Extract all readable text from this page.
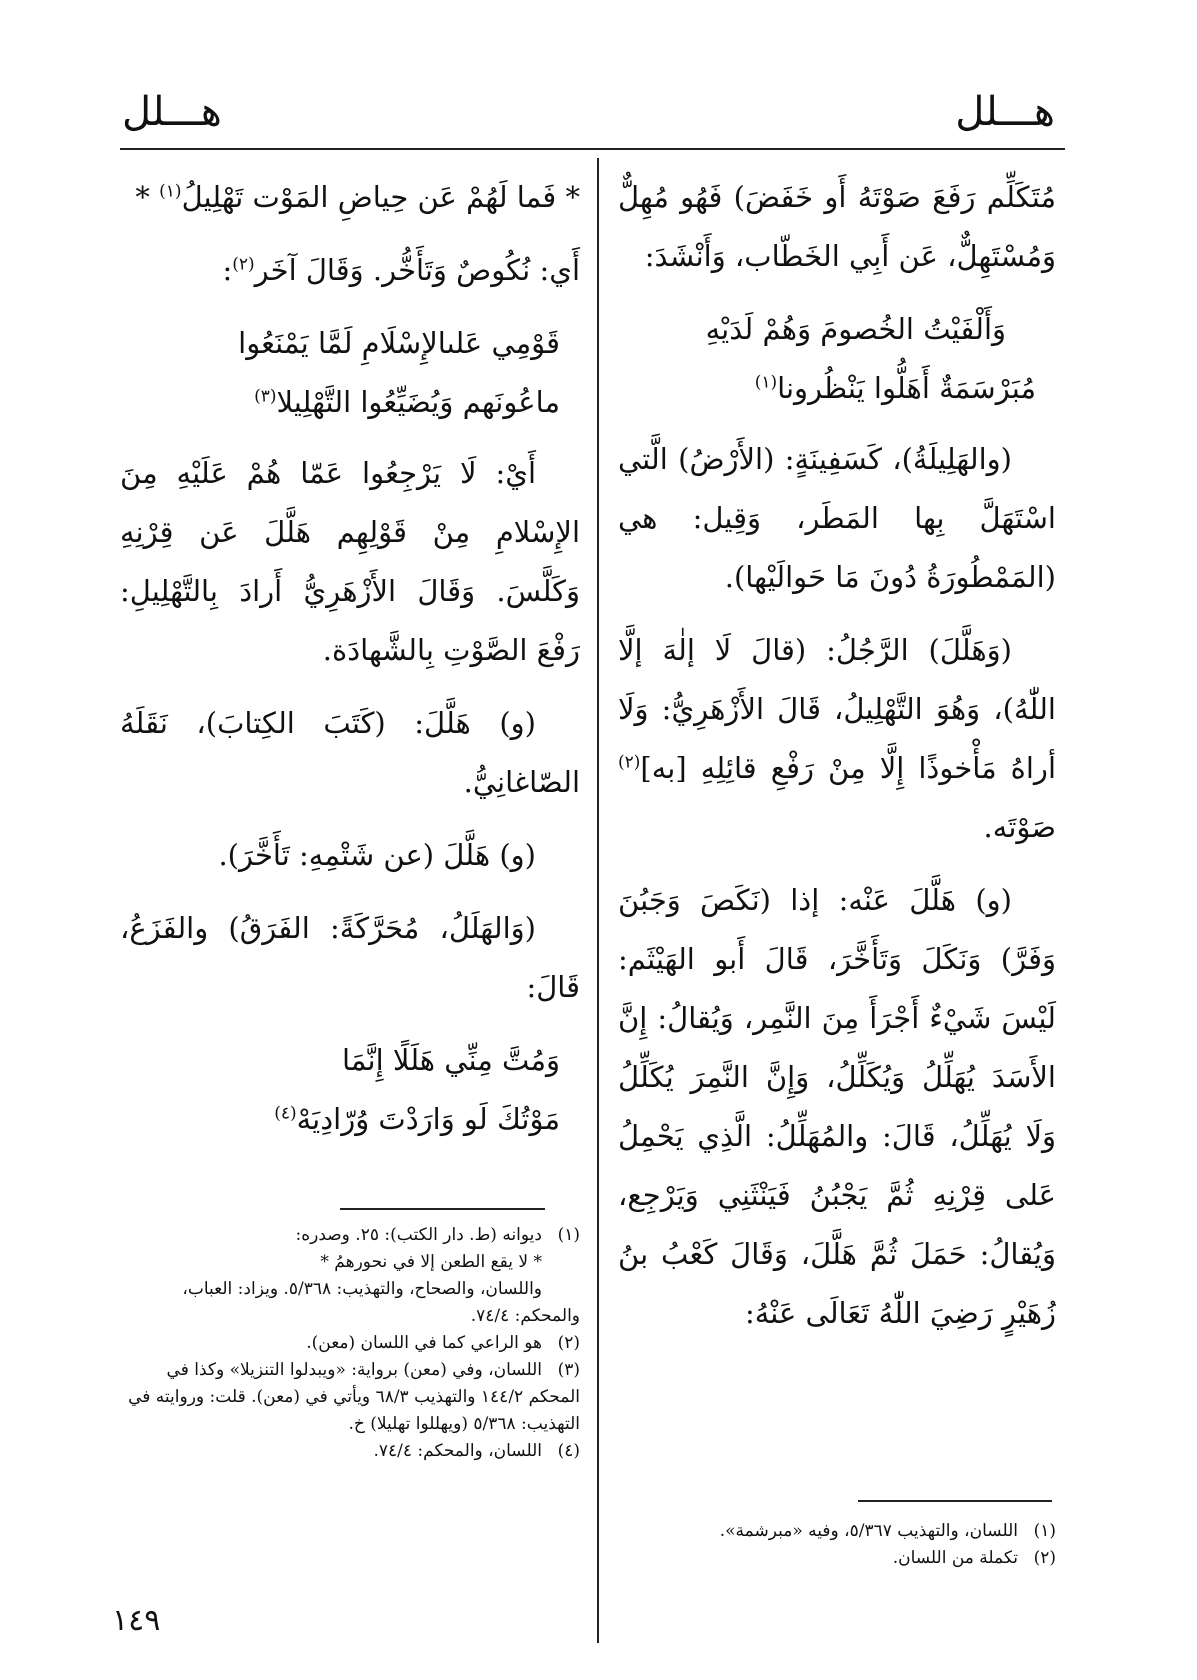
هـــلل
هـــلل

مُتَكَلِّم رَفَعَ صَوْتَهُ أَو خَفَضَ) فَهُو مُهِلٌّ وَمُسْتَهِلٌّ، عَن أَبِي الخَطّاب، وَأَنْشَدَ:

وَأَلْفَيْتُ الخُصومَ وَهُمْ لَدَيْهِ
مُبَرْسَمَةٌ أَهَلُّوا يَنْظُرونا$^{(١)}$

(والهَلِيلَةُ)، كَسَفِينَةٍ: (الأَرْضُ) الَّتي اسْتَهَلَّ بِها المَطَر، وَقِيل: هي (المَمْطُورَةُ دُونَ مَا حَوالَيْها).

(وَهَلَّلَ) الرَّجُلُ: (قالَ لَا إلٰهَ إلَّا اللّٰهُ)، وَهُوَ التَّهْلِيلُ، قَالَ الأَزْهَرِيُّ: وَلَا أراهُ مَأْخوذًا إِلَّا مِنْ رَفْعِ قائِلِهِ [به]$^{(٢)}$ صَوْتَه.

(و) هَلَّلَ عَنْه: إذا (نَكَصَ وَجَبُنَ وَفَرَّ) وَنَكَلَ وَتَأَخَّرَ، قَالَ أَبو الهَيْثَم: لَيْسَ شَيْءٌ أَجْرَأَ مِنَ النَّمِر، وَيُقالُ: إِنَّ الأَسَدَ يُهَلِّلُ وَيُكَلِّلُ، وَإِنَّ النَّمِرَ يُكَلِّلُ وَلَا يُهَلِّلُ، قَالَ: والمُهَلِّلُ: الَّذِي يَحْمِلُ عَلى قِرْنِهِ ثُمَّ يَجْبُنُ فَيَنْثَنِي وَيَرْجِع، وَيُقالُ: حَمَلَ ثُمَّ هَلَّلَ، وَقَالَ كَعْبُ بنُ زُهَيْرٍ رَضِيَ اللّٰهُ تَعَالَى عَنْهُ:

* فَما لَهُمْ عَن حِياضِ المَوْت تَهْلِيلُ$^{(١)}$ *

أَي: نُكُوصٌ وَتَأَخُّر. وَقَالَ آخَر$^{(٢)}$:

قَوْمِي عَلىالإِسْلَامِ لَمَّا يَمْنَعُوا
ماعُونَهم وَيُضَيِّعُوا التَّهْلِيلا$^{(٣)}$

أَيْ: لَا يَرْجِعُوا عَمّا هُمْ عَلَيْهِ مِنَ الإِسْلامِ مِنْ قَوْلِهِم هَلَّلَ عَن قِرْنِهِ وَكَلَّسَ. وَقَالَ الأَزْهَرِيُّ أَرادَ بِالتَّهْلِيلِ: رَفْعَ الصَّوْتِ بِالشَّهادَة.

(و) هَلَّلَ: (كَتَبَ الكِتابَ)، نَقَلَهُ الصّاغانِيُّ.

(و) هَلَّلَ (عن شَتْمِهِ: تَأَخَّرَ).

(وَالهَلَلُ، مُحَرَّكَةً: الفَرَقُ) والفَزَعُ، قَالَ:

وَمُتَّ مِنِّي هَلَلًا إِنَّمَا
مَوْتُكَ لَو وَارَدْتَ وُرّادِيَهْ$^{(٤)}$
(١)اللسان، والتهذيب ٥/٣٦٧، وفيه «مبرشمة».
(٢)تكملة من اللسان.
(١)ديوانه (ط. دار الكتب): ٢٥. وصدره:
* لا يقع الطعن إلا في نحورهمُ *
واللسان، والصحاح، والتهذيب: ٥/٣٦٨. ويزاد: العباب، والمحكم: ٧٤/٤.
(٢)هو الراعي كما في اللسان (معن).
(٣)اللسان، وفي (معن) برواية: «ويبدلوا التنزيلا» وكذا في المحكم ١٤٤/٢ والتهذيب ٦٨/٣ ويأتي في (معن). قلت: وروايته في التهذيب: ٥/٣٦٨ (ويهللوا تهليلا) خ.
(٤)اللسان، والمحكم: ٧٤/٤.
١٤٩
